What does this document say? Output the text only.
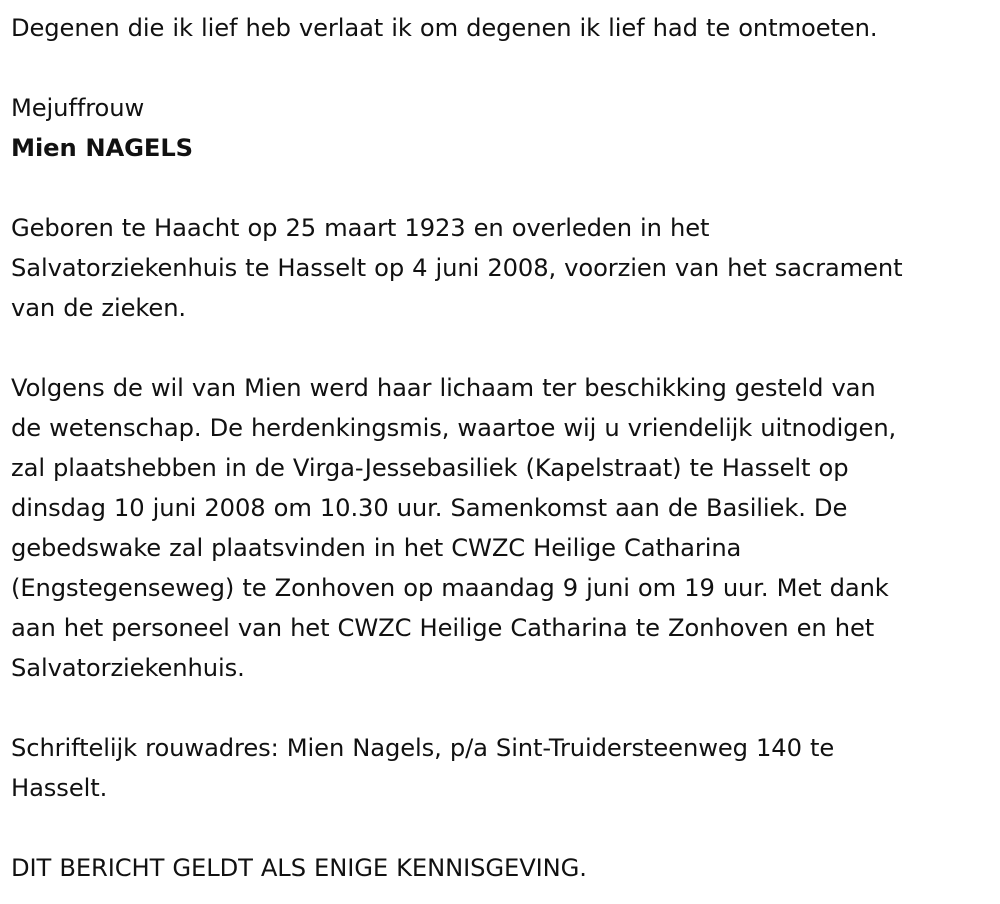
Degenen die ik lief heb verlaat ik om degenen ik lief had te ontmoeten.

Mejuffrouw

Mien NAGELS

Geboren te Haacht op 25 maart 1923 en overleden in het
Salvatorziekenhuis te Hasselt op 4 juni 2008, voorzien van het sacrament
van de zieken.

Volgens de wil van Mien werd haar lichaam ter beschikking gesteld van
de wetenschap. De herdenkingsmis, waartoe wij u vriendelijk uitnodigen,
zal plaatshebben in de Virga-Jessebasiliek (Kapelstraat) te Hasselt op
dinsdag 10 juni 2008 om 10.30 uur. Samenkomst aan de Basiliek. De
gebedswake zal plaatsvinden in het CWZC Heilige Catharina
(Engstegenseweg) te Zonhoven op maandag 9 juni om 19 uur. Met dank
aan het personeel van het CWZC Heilige Catharina te Zonhoven en het
Salvatorziekenhuis.

Schriftelijk rouwadres: Mien Nagels, p/a Sint-Truidersteenweg 140 te
Hasselt.

DIT BERICHT GELDT ALS ENIGE KENNISGEVING.
